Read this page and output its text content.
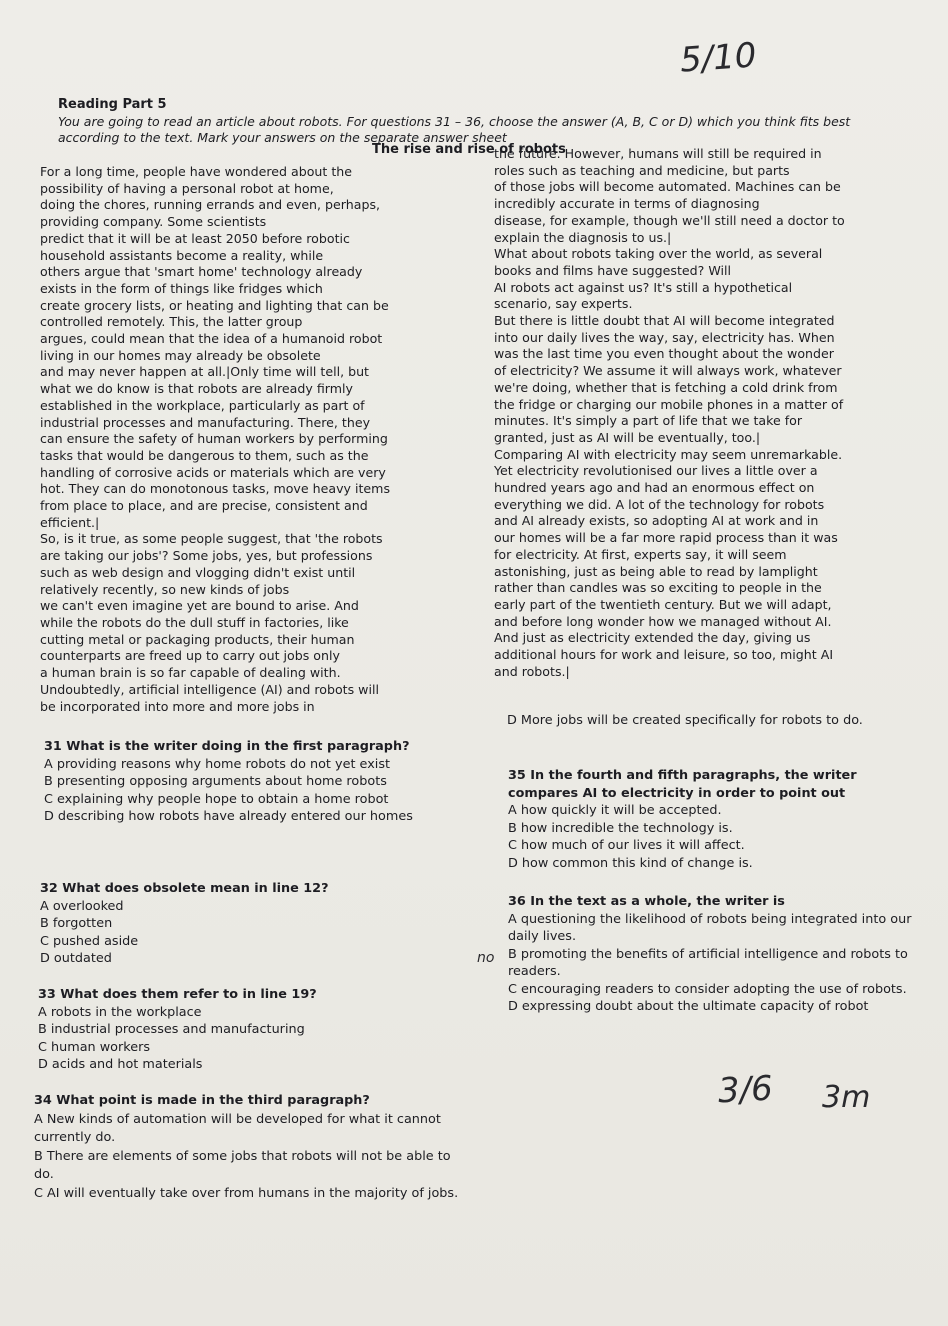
5/10
Reading Part 5
You are going to read an article about robots. For questions 31 – 36, choose the answer (A, B, C or D) which you think fits best according to the text. Mark your answers on the separate answer sheet
The rise and rise of robots

For a long time, people have wondered about the

possibility of having a personal robot at home,

doing the chores, running errands and even, perhaps,

providing company. Some scientists

predict that it will be at least 2050 before robotic

household assistants become a reality, while

others argue that 'smart home' technology already

exists in the form of things like fridges which

create grocery lists, or heating and lighting that can be

controlled remotely. This, the latter group

argues, could mean that the idea of a humanoid robot

living in our homes may already be obsolete

and may never happen at all.|Only time will tell, but

what we do know is that robots are already firmly

established in the workplace, particularly as part of

industrial processes and manufacturing. There, they

can ensure the safety of human workers by performing

tasks that would be dangerous to them, such as the

handling of corrosive acids or materials which are very

hot. They can do monotonous tasks, move heavy items

from place to place, and are precise, consistent and

efficient.|

So, is it true, as some people suggest, that 'the robots

are taking our jobs'? Some jobs, yes, but professions

such as web design and vlogging didn't exist until

relatively recently, so new kinds of jobs

we can't even imagine yet are bound to arise. And

while the robots do the dull stuff in factories, like

cutting metal or packaging products, their human

counterparts are freed up to carry out jobs only

a human brain is so far capable of dealing with.

Undoubtedly, artificial intelligence (AI) and robots will

be incorporated into more and more jobs in

the future. However, humans will still be required in

roles such as teaching and medicine, but parts

of those jobs will become automated. Machines can be

incredibly accurate in terms of diagnosing

disease, for example, though we'll still need a doctor to

explain the diagnosis to us.|

What about robots taking over the world, as several

books and films have suggested? Will

AI robots act against us? It's still a hypothetical

scenario, say experts.

But there is little doubt that AI will become integrated

into our daily lives the way, say, electricity has. When

was the last time you even thought about the wonder

of electricity? We assume it will always work, whatever

we're doing, whether that is fetching a cold drink from

the fridge or charging our mobile phones in a matter of

minutes. It's simply a part of life that we take for

granted, just as AI will be eventually, too.|

Comparing AI with electricity may seem unremarkable.

Yet electricity revolutionised our lives a little over a

hundred years ago and had an enormous effect on

everything we did. A lot of the technology for robots

and AI already exists, so adopting AI at work and in

our homes will be a far more rapid process than it was

for electricity. At first, experts say, it will seem

astonishing, just as being able to read by lamplight

rather than candles was so exciting to people in the

early part of the twentieth century. But we will adapt,

and before long wonder how we managed without AI.

And just as electricity extended the day, giving us

additional hours for work and leisure, so too, might AI

and robots.|

D More jobs will be created specifically for robots to do.
31 What is the writer doing in the first paragraph?
A providing reasons why home robots do not yet exist
B presenting opposing arguments about home robots
C explaining why people hope to obtain a home robot
D describing how robots have already entered our homes
32 What does obsolete mean in line 12?
A overlooked
B forgotten
C pushed aside
D outdated
33 What does them refer to in line 19?
A robots in the workplace
B industrial processes and manufacturing
C human workers
D acids and hot materials
34 What point is made in the third paragraph?
A New kinds of automation will be developed for what it cannot currently do.
B There are elements of some jobs that robots will not be able to do.
C AI will eventually take over from humans in the majority of jobs.
35 In the fourth and fifth paragraphs, the writer compares AI to electricity in order to point out
A how quickly it will be accepted.
B how incredible the technology is.
C how much of our lives it will affect.
D how common this kind of change is.
36 In the text as a whole, the writer is
A questioning the likelihood of robots being integrated into our daily lives.
B promoting the benefits of artificial intelligence and robots to readers.
C encouraging readers to consider adopting the use of robots.
D expressing doubt about the ultimate capacity of robot
no
3/6 3m
